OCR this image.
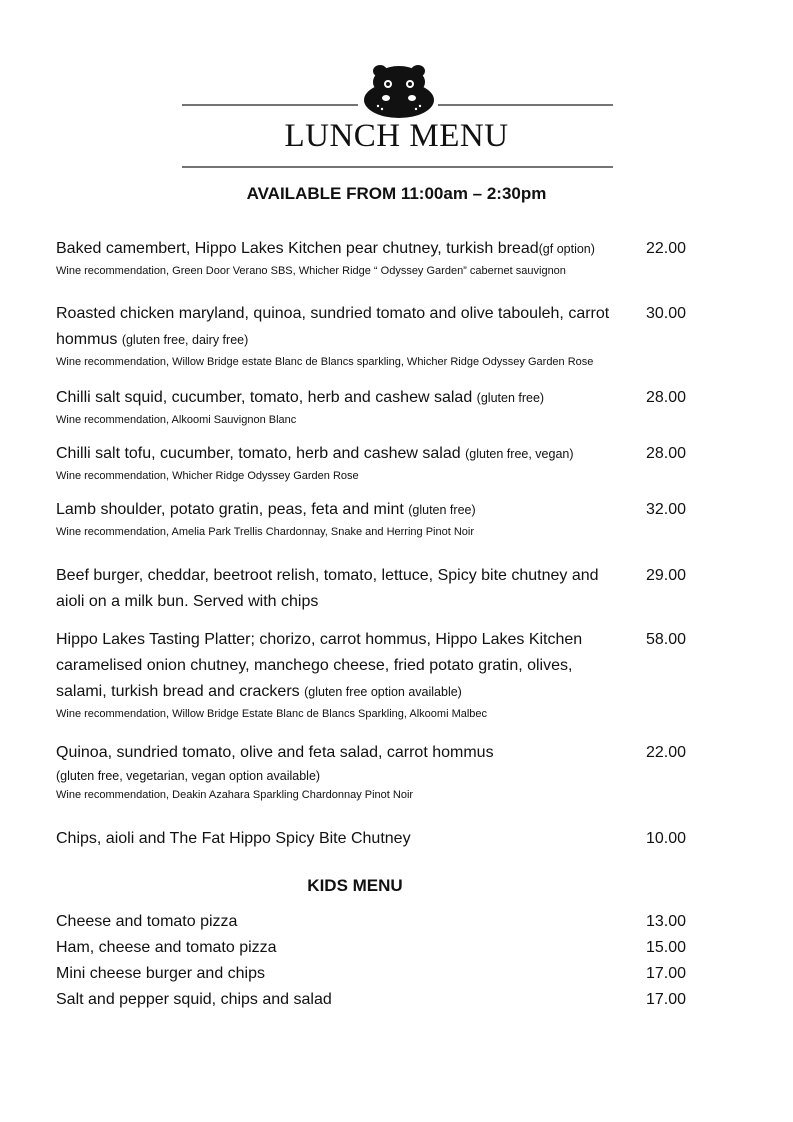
LUNCH MENU
AVAILABLE FROM 11:00am – 2:30pm
Baked camembert, Hippo Lakes Kitchen pear chutney, turkish bread(gf option)
Wine recommendation, Green Door Verano SBS, Whicher Ridge “ Odyssey Garden” cabernet sauvignon
22.00
Roasted chicken maryland, quinoa, sundried tomato and olive tabouleh, carrot
hommus (gluten free, dairy free)
Wine recommendation, Willow Bridge estate Blanc de Blancs sparkling, Whicher Ridge Odyssey Garden Rose
30.00
Chilli salt squid, cucumber, tomato, herb and cashew salad (gluten free)
Wine recommendation, Alkoomi Sauvignon Blanc
28.00
Chilli salt tofu, cucumber, tomato, herb and cashew salad (gluten free, vegan)
Wine recommendation, Whicher Ridge Odyssey Garden Rose
28.00
Lamb shoulder, potato gratin, peas, feta and mint (gluten free)
Wine recommendation, Amelia Park Trellis Chardonnay, Snake and Herring Pinot Noir
32.00
Beef burger, cheddar, beetroot relish, tomato, lettuce, Spicy bite chutney and
aioli on a milk bun. Served with chips
29.00
Hippo Lakes Tasting Platter; chorizo, carrot hommus, Hippo Lakes Kitchen
caramelised onion chutney, manchego cheese, fried potato gratin, olives,
salami, turkish bread and crackers (gluten free option available)
Wine recommendation, Willow Bridge Estate Blanc de Blancs Sparkling, Alkoomi Malbec
58.00
Quinoa, sundried tomato, olive and feta salad, carrot hommus
(gluten free, vegetarian, vegan option available)
Wine recommendation, Deakin Azahara Sparkling Chardonnay Pinot Noir
22.00
Chips, aioli and The Fat Hippo Spicy Bite Chutney	10.00
KIDS MENU
Cheese and tomato pizza	13.00
Ham, cheese and tomato pizza	15.00
Mini cheese burger and chips	17.00
Salt and pepper squid, chips and salad	17.00
